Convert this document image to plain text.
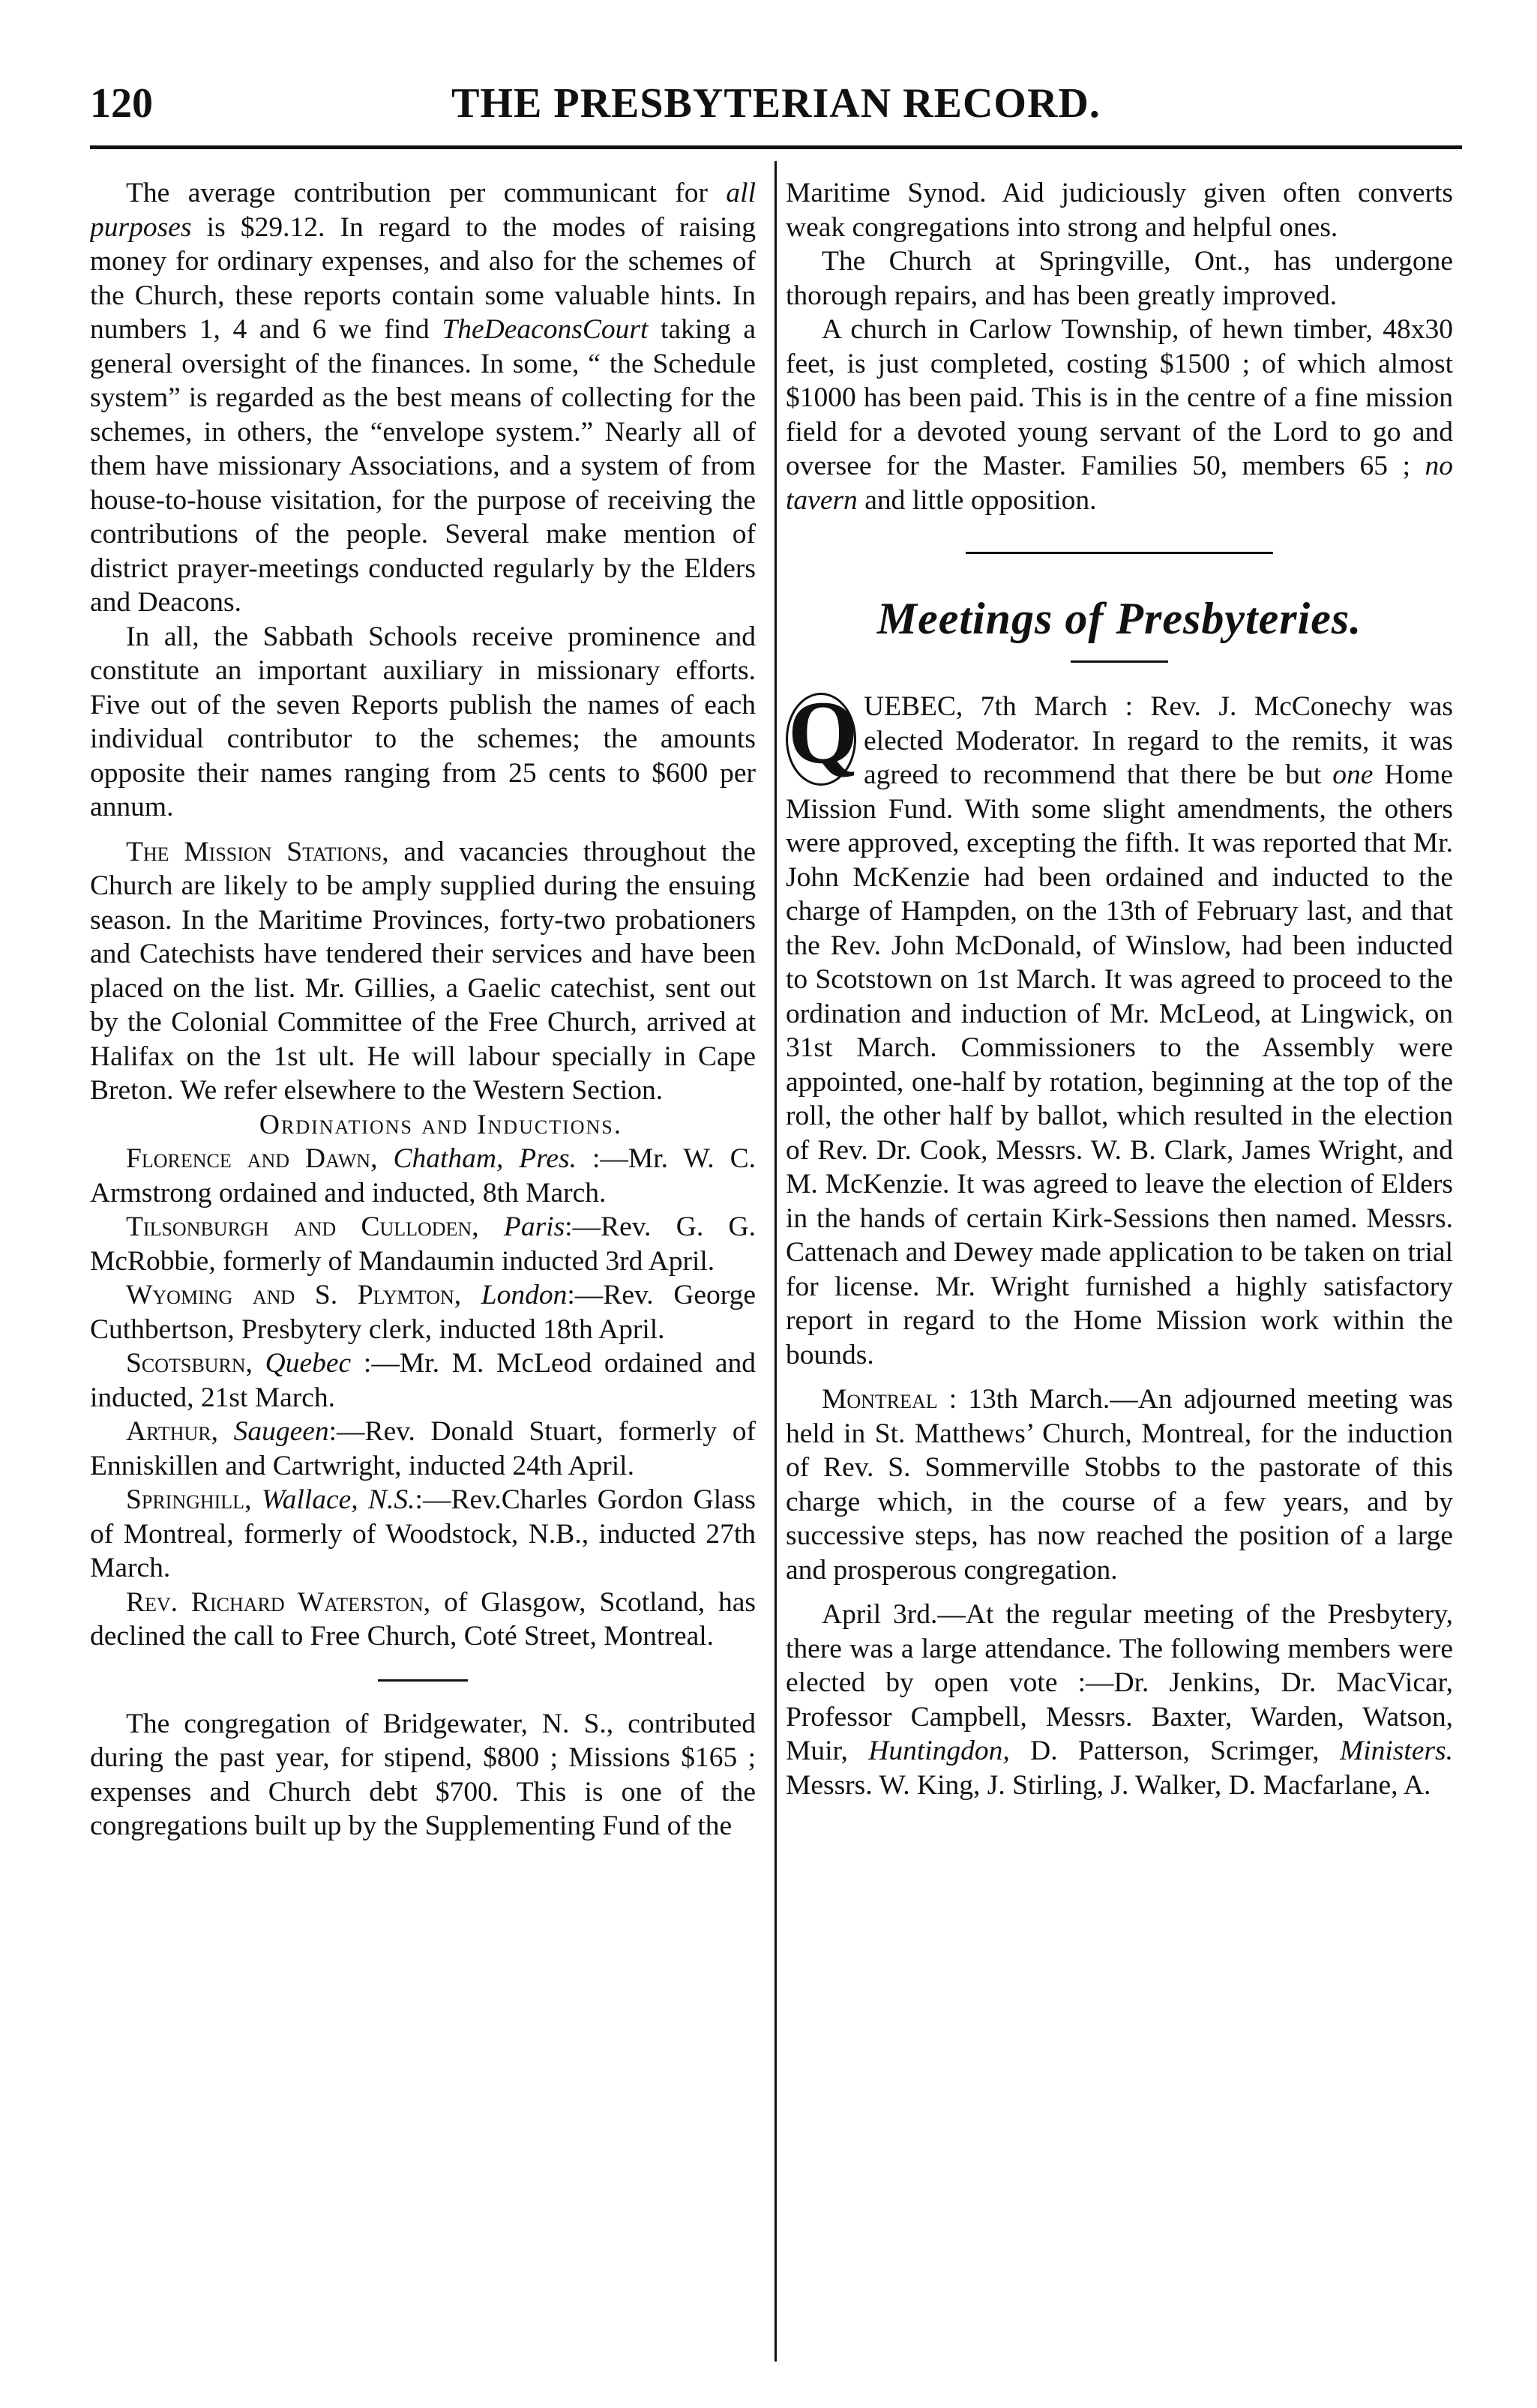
120	THE PRESBYTERIAN RECORD.

The average contribution per communicant for all purposes is $29.12. In regard to the modes of raising money for ordinary expenses, and also for the schemes of the Church, these reports contain some valuable hints. In numbers 1, 4 and 6 we find TheDeaconsCourt taking a general oversight of the finances. In some, “ the Schedule system” is regarded as the best means of collecting for the schemes, in others, the “envelope system.” Nearly all of them have missionary Associations, and a system of from house-to-house visitation, for the purpose of receiving the contributions of the people. Several make mention of district prayer-meetings conducted regularly by the Elders and Deacons.

In all, the Sabbath Schools receive prominence and constitute an important auxiliary in missionary efforts. Five out of the seven Reports publish the names of each individual contributor to the schemes; the amounts opposite their names ranging from 25 cents to $600 per annum.

The Mission Stations, and vacancies throughout the Church are likely to be amply supplied during the ensuing season. In the Maritime Provinces, forty-two probationers and Catechists have tendered their services and have been placed on the list. Mr. Gillies, a Gaelic catechist, sent out by the Colonial Committee of the Free Church, arrived at Halifax on the 1st ult. He will labour specially in Cape Breton. We refer elsewhere to the Western Section.

Ordinations and Inductions.

Florence and Dawn, Chatham, Pres. :—Mr. W. C. Armstrong ordained and inducted, 8th March.

Tilsonburgh and Culloden, Paris:—Rev. G. G. McRobbie, formerly of Mandaumin inducted 3rd April.

Wyoming and S. Plymton, London:—Rev. George Cuthbertson, Presbytery clerk, inducted 18th April.

Scotsburn, Quebec :—Mr. M. McLeod ordained and inducted, 21st March.

Arthur, Saugeen:—Rev. Donald Stuart, formerly of Enniskillen and Cartwright, inducted 24th April.

Springhill, Wallace, N.S.:—Rev.Charles Gordon Glass of Montreal, formerly of Woodstock, N.B., inducted 27th March.

Rev. Richard Waterston, of Glasgow, Scotland, has declined the call to Free Church, Coté Street, Montreal.

The congregation of Bridgewater, N. S., contributed during the past year, for stipend, $800 ; Missions $165 ; expenses and Church debt $700. This is one of the congregations built up by the Supplementing Fund of the

Maritime Synod. Aid judiciously given often converts weak congregations into strong and helpful ones.

The Church at Springville, Ont., has undergone thorough repairs, and has been greatly improved.

A church in Carlow Township, of hewn timber, 48x30 feet, is just completed, costing $1500 ; of which almost $1000 has been paid. This is in the centre of a fine mission field for a devoted young servant of the Lord to go and oversee for the Master. Families 50, members 65 ; no tavern and little opposition.

Meetings of Presbyteries.

Q UEBEC, 7th March : Rev. J. McConechy was elected Moderator. In regard to the remits, it was agreed to recommend that there be but one Home Mission Fund. With some slight amendments, the others were approved, excepting the fifth. It was reported that Mr. John McKenzie had been ordained and inducted to the charge of Hampden, on the 13th of February last, and that the Rev. John McDonald, of Winslow, had been inducted to Scotstown on 1st March. It was agreed to proceed to the ordination and induction of Mr. McLeod, at Lingwick, on 31st March. Commissioners to the Assembly were appointed, one-half by rotation, beginning at the top of the roll, the other half by ballot, which resulted in the election of Rev. Dr. Cook, Messrs. W. B. Clark, James Wright, and M. McKenzie. It was agreed to leave the election of Elders in the hands of certain Kirk-Sessions then named. Messrs. Cattenach and Dewey made application to be taken on trial for license. Mr. Wright furnished a highly satisfactory report in regard to the Home Mission work within the bounds.

Montreal : 13th March.—An adjourned meeting was held in St. Matthews’ Church, Montreal, for the induction of Rev. S. Sommerville Stobbs to the pastorate of this charge which, in the course of a few years, and by successive steps, has now reached the position of a large and prosperous congregation.

April 3rd.—At the regular meeting of the Presbytery, there was a large attendance. The following members were elected by open vote :—Dr. Jenkins, Dr. MacVicar, Professor Campbell, Messrs. Baxter, Warden, Watson, Muir, Huntingdon, D. Patterson, Scrimger, Ministers. Messrs. W. King, J. Stirling, J. Walker, D. Macfarlane, A.
